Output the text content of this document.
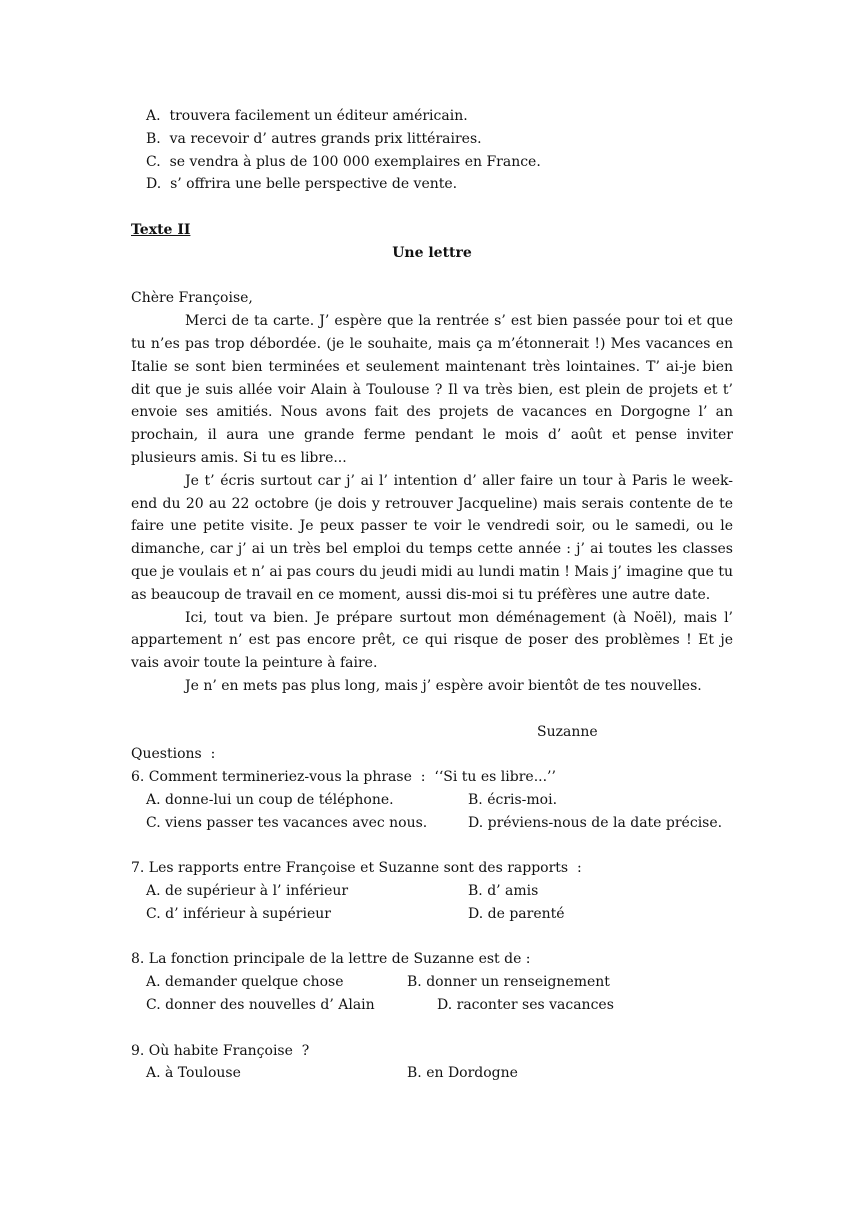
A.  trouvera facilement un éditeur américain.
B.  va recevoir d’ autres grands prix littéraires.
C.  se vendra à plus de 100 000 exemplaires en France.
D.  s’ offrira une belle perspective de vente.
Texte II
Une lettre
Chère Françoise,
Merci de ta carte. J’ espère que la rentrée s’ est bien passée pour toi et que tu n’es pas trop débordée. (je le souhaite, mais ça m’étonnerait !) Mes vacances en Italie se sont bien terminées et seulement maintenant très lointaines. T’ ai-je bien dit que je suis allée voir Alain à Toulouse ? Il va très bien, est plein de projets et t’ envoie ses amitiés. Nous avons fait des projets de vacances en Dorgogne l’ an prochain, il aura une grande ferme pendant le mois d’ août et pense inviter plusieurs amis. Si tu es libre...
Je t’ écris surtout car j’ ai l’ intention d’ aller faire un tour à Paris le week-end du 20 au 22 octobre (je dois y retrouver Jacqueline) mais serais contente de te faire une petite visite. Je peux passer te voir le vendredi soir, ou le samedi, ou le dimanche, car j’ ai un très bel emploi du temps cette année : j’ ai toutes les classes que je voulais et n’ ai pas cours du jeudi midi au lundi matin ! Mais j’ imagine que tu as beaucoup de travail en ce moment, aussi dis-moi si tu préfères une autre date.
Ici, tout va bien. Je prépare surtout mon déménagement (à Noël), mais l’ appartement n’ est pas encore prêt, ce qui risque de poser des problèmes ! Et je vais avoir toute la peinture à faire.
Je n’ en mets pas plus long, mais j’ espère avoir bientôt de tes nouvelles.
Suzanne
Questions  :
6. Comment termineriez-vous la phrase  :  ‘‘Si tu es libre...’’
A. donne-lui un coup de téléphone.	B. écris-moi.
C. viens passer tes vacances avec nous.	D. préviens-nous de la date précise.
7. Les rapports entre Françoise et Suzanne sont des rapports  :
A. de supérieur à l’ inférieur	B. d’ amis
C. d’ inférieur à supérieur	D. de parenté
8. La fonction principale de la lettre de Suzanne est de :
A. demander quelque chose	B. donner un renseignement
C. donner des nouvelles d’ Alain	D. raconter ses vacances
9. Où habite Françoise  ?
A. à Toulouse	B. en Dordogne
